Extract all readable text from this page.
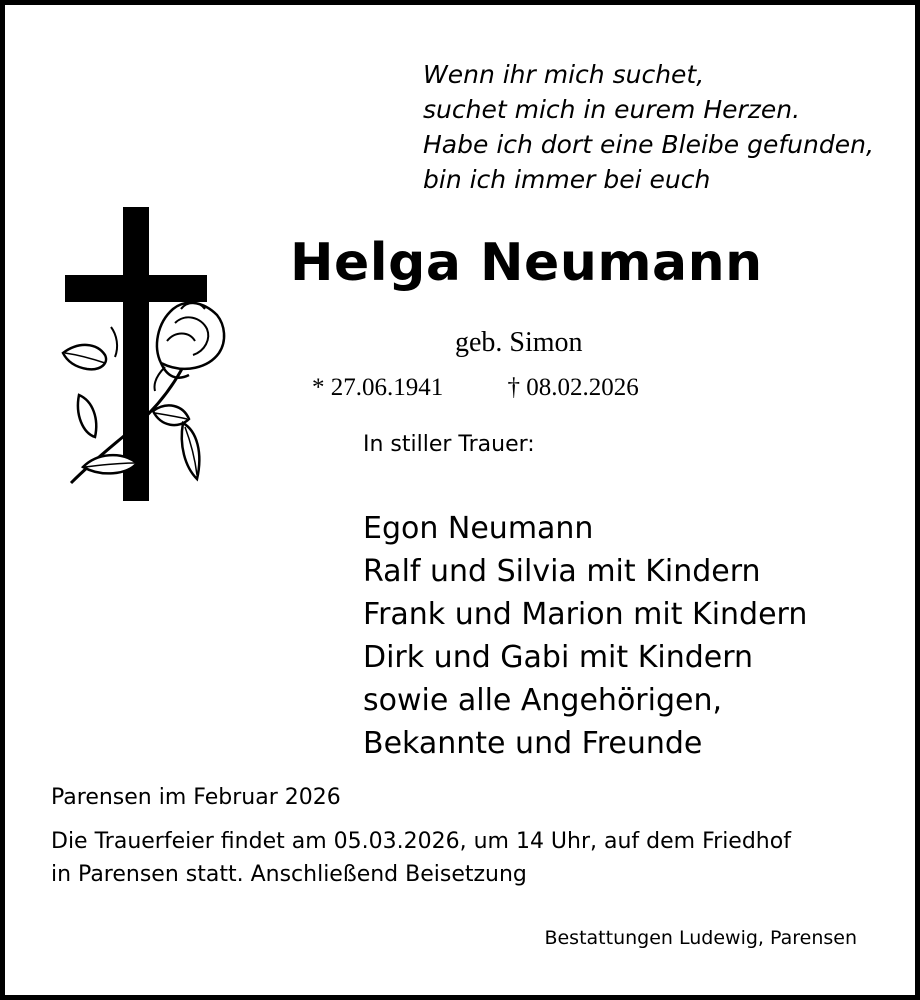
Wenn ihr mich suchet,
suchet mich in eurem Herzen.
Habe ich dort eine Bleibe gefunden,
bin ich immer bei euch
Helga Neumann
geb. Simon
* 27.06.1941	† 08.02.2026
In stiller Trauer:
Egon Neumann
Ralf und Silvia mit Kindern
Frank und Marion mit Kindern
Dirk und Gabi mit Kindern
sowie alle Angehörigen,
Bekannte und Freunde
Parensen im Februar 2026
Die Trauerfeier findet am 05.03.2026, um 14 Uhr, auf dem Friedhof
in Parensen statt. Anschließend Beisetzung
Bestattungen Ludewig, Parensen
